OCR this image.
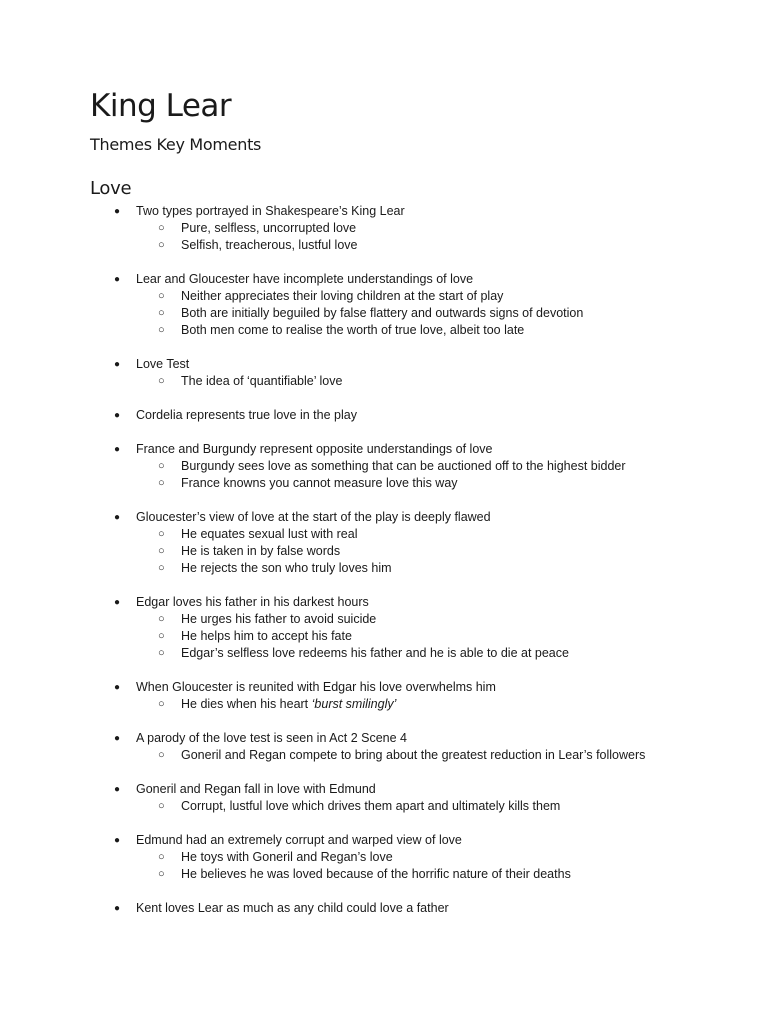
King Lear
Themes Key Moments
Love
● Two types portrayed in Shakespeare’s King Lear
○ Pure, selfless, uncorrupted love
○ Selfish, treacherous, lustful love
● Lear and Gloucester have incomplete understandings of love
○ Neither appreciates their loving children at the start of play
○ Both are initially beguiled by false flattery and outwards signs of devotion
○ Both men come to realise the worth of true love, albeit too late
● Love Test
○ The idea of ‘quantifiable’ love
● Cordelia represents true love in the play
● France and Burgundy represent opposite understandings of love
○ Burgundy sees love as something that can be auctioned off to the highest bidder
○ France knowns you cannot measure love this way
● Gloucester’s view of love at the start of the play is deeply flawed
○ He equates sexual lust with real
○ He is taken in by false words
○ He rejects the son who truly loves him
● Edgar loves his father in his darkest hours
○ He urges his father to avoid suicide
○ He helps him to accept his fate
○ Edgar’s selfless love redeems his father and he is able to die at peace
● When Gloucester is reunited with Edgar his love overwhelms him
○ He dies when his heart ‘burst smilingly’
● A parody of the love test is seen in Act 2 Scene 4
○ Goneril and Regan compete to bring about the greatest reduction in Lear’s followers
● Goneril and Regan fall in love with Edmund
○ Corrupt, lustful love which drives them apart and ultimately kills them
● Edmund had an extremely corrupt and warped view of love
○ He toys with Goneril and Regan’s love
○ He believes he was loved because of the horrific nature of their deaths
● Kent loves Lear as much as any child could love a father
